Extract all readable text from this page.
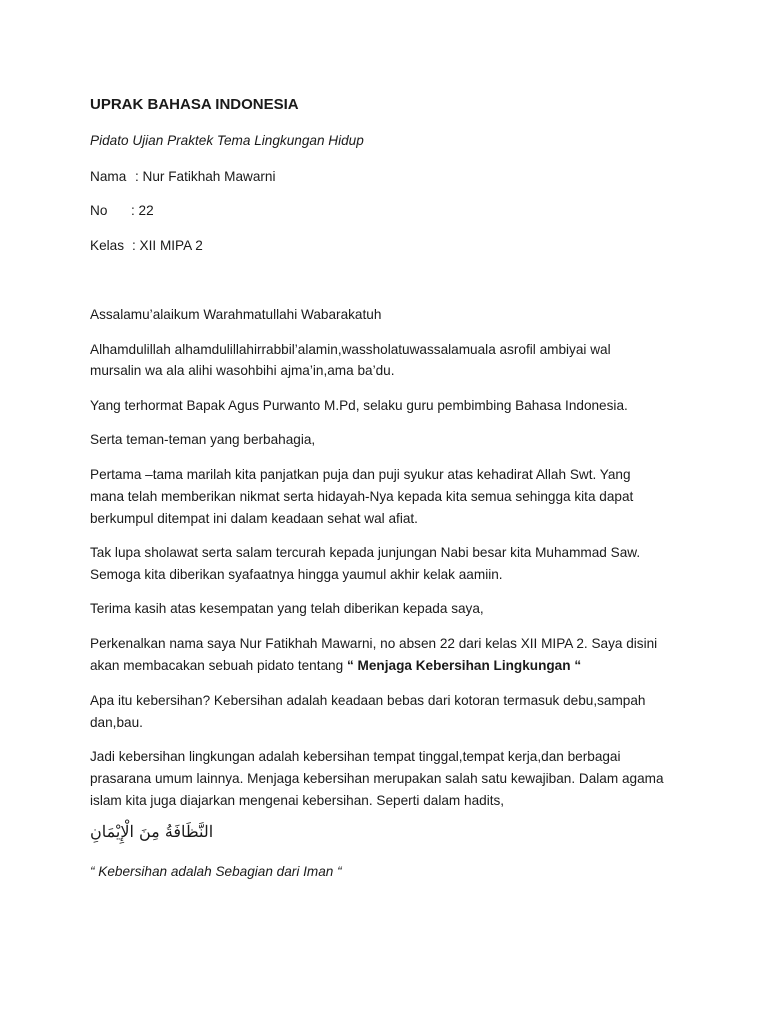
UPRAK BAHASA INDONESIA
Pidato Ujian Praktek Tema Lingkungan Hidup
Nama : Nur Fatikhah Mawarni
No : 22
Kelas : XII MIPA 2
Assalamu’alaikum Warahmatullahi Wabarakatuh
Alhamdulillah alhamdulillahirrabbil’alamin,wassholatuwassalamuala asrofil ambiyai wal
mursalin wa ala alihi wasohbihi ajma’in,ama ba’du.
Yang terhormat Bapak Agus Purwanto M.Pd, selaku guru pembimbing Bahasa Indonesia.
Serta teman-teman yang berbahagia,
Pertama –tama marilah kita panjatkan puja dan puji syukur atas kehadirat Allah Swt. Yang
mana telah memberikan nikmat serta hidayah-Nya kepada kita semua sehingga kita dapat
berkumpul ditempat ini dalam keadaan sehat wal afiat.
Tak lupa sholawat serta salam tercurah kepada junjungan Nabi besar kita Muhammad Saw.
Semoga kita diberikan syafaatnya hingga yaumul akhir kelak aamiin.
Terima kasih atas kesempatan yang telah diberikan kepada saya,
Perkenalkan nama saya Nur Fatikhah Mawarni, no absen 22 dari kelas XII MIPA 2. Saya disini
akan membacakan sebuah pidato tentang “ Menjaga Kebersihan Lingkungan “
Apa itu kebersihan? Kebersihan adalah keadaan bebas dari kotoran termasuk debu,sampah
dan,bau.
Jadi kebersihan lingkungan adalah kebersihan tempat tinggal,tempat kerja,dan berbagai
prasarana umum lainnya. Menjaga kebersihan merupakan salah satu kewajiban. Dalam agama
islam kita juga diajarkan mengenai kebersihan. Seperti dalam hadits,
النَّظَافَةُ مِنَ الْإِيْمَانِ
“ Kebersihan adalah Sebagian dari Iman “
